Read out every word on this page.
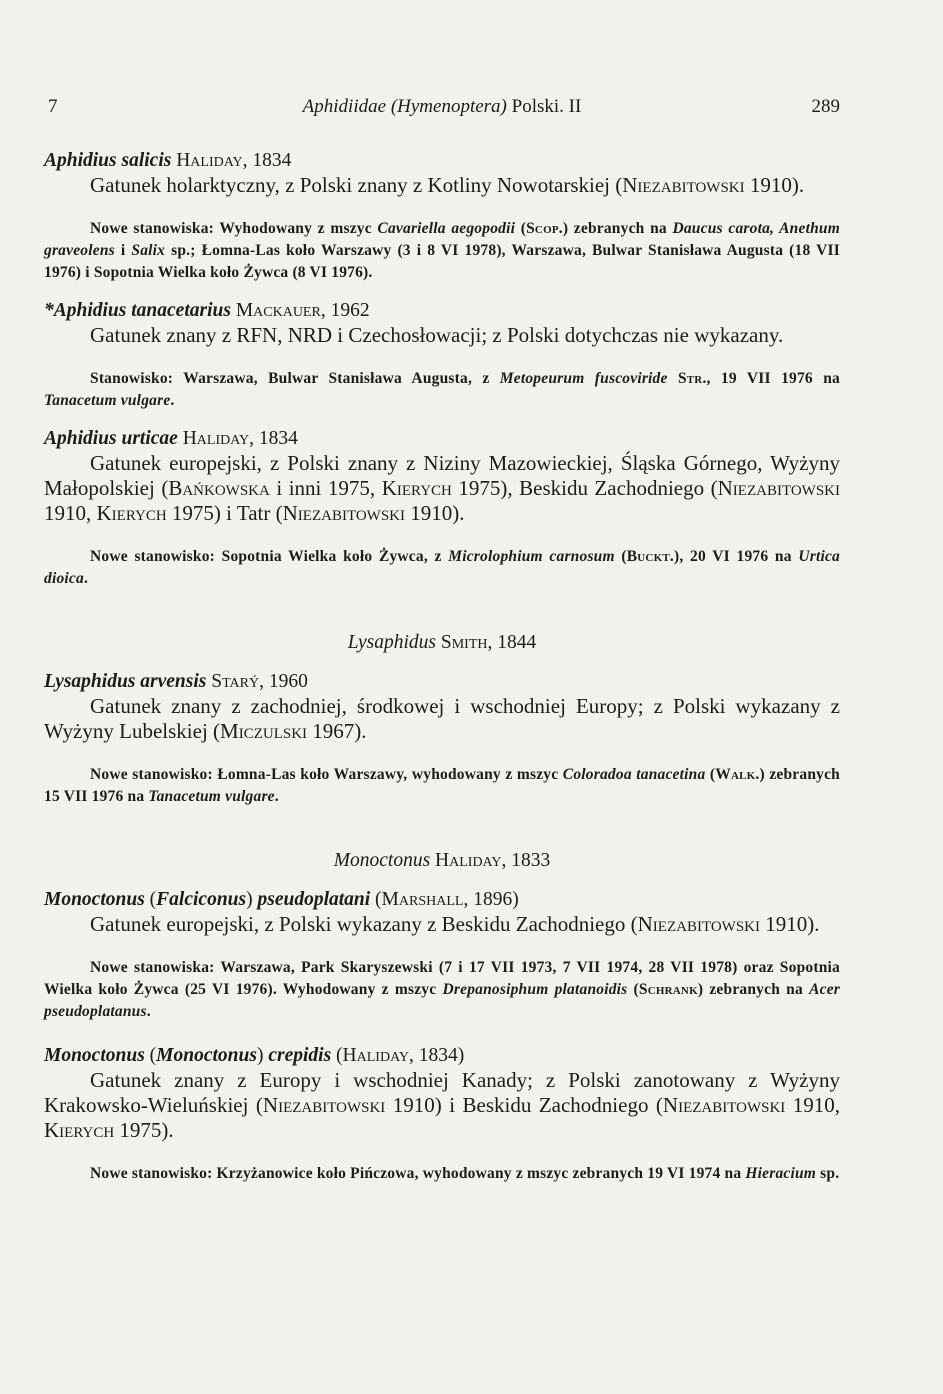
7	Aphidiidae (Hymenoptera) Polski. II	289

Aphidius salicis Haliday, 1834

Gatunek holarktyczny, z Polski znany z Kotliny Nowotarskiej (Niezabitowski 1910).

Nowe stanowiska: Wyhodowany z mszyc Cavariella aegopodii (Scop.) zebranych na Daucus carota, Anethum graveolens i Salix sp.; Łomna-Las koło Warszawy (3 i 8 VI 1978), Warszawa, Bulwar Stanisława Augusta (18 VII 1976) i Sopotnia Wielka koło Żywca (8 VI 1976).

*Aphidius tanacetarius Mackauer, 1962

Gatunek znany z RFN, NRD i Czechosłowacji; z Polski dotychczas nie wykazany.

Stanowisko: Warszawa, Bulwar Stanisława Augusta, z Metopeurum fuscoviride Str., 19 VII 1976 na Tanacetum vulgare.

Aphidius urticae Haliday, 1834

Gatunek europejski, z Polski znany z Niziny Mazowieckiej, Śląska Górnego, Wyżyny Małopolskiej (Bańkowska i inni 1975, Kierych 1975), Beskidu Zachodniego (Niezabitowski 1910, Kierych 1975) i Tatr (Niezabitowski 1910).

Nowe stanowisko: Sopotnia Wielka koło Żywca, z Microlophium carnosum (Buckt.), 20 VI 1976 na Urtica dioica.

Lysaphidus Smith, 1844

Lysaphidus arvensis Starý, 1960

Gatunek znany z zachodniej, środkowej i wschodniej Europy; z Polski wykazany z Wyżyny Lubelskiej (Miczulski 1967).

Nowe stanowisko: Łomna-Las koło Warszawy, wyhodowany z mszyc Coloradoa tanacetina (Walk.) zebranych 15 VII 1976 na Tanacetum vulgare.

Monoctonus Haliday, 1833

Monoctonus (Falciconus) pseudoplatani (Marshall, 1896)

Gatunek europejski, z Polski wykazany z Beskidu Zachodniego (Niezabitowski 1910).

Nowe stanowiska: Warszawa, Park Skaryszewski (7 i 17 VII 1973, 7 VII 1974, 28 VII 1978) oraz Sopotnia Wielka koło Żywca (25 VI 1976). Wyhodowany z mszyc Drepanosiphum platanoidis (Schrank) zebranych na Acer pseudoplatanus.

Monoctonus (Monoctonus) crepidis (Haliday, 1834)

Gatunek znany z Europy i wschodniej Kanady; z Polski zanotowany z Wyżyny Krakowsko-Wieluńskiej (Niezabitowski 1910) i Beskidu Zachodniego (Niezabitowski 1910, Kierych 1975).

Nowe stanowisko: Krzyżanowice koło Pińczowa, wyhodowany z mszyc zebranych 19 VI 1974 na Hieracium sp.
